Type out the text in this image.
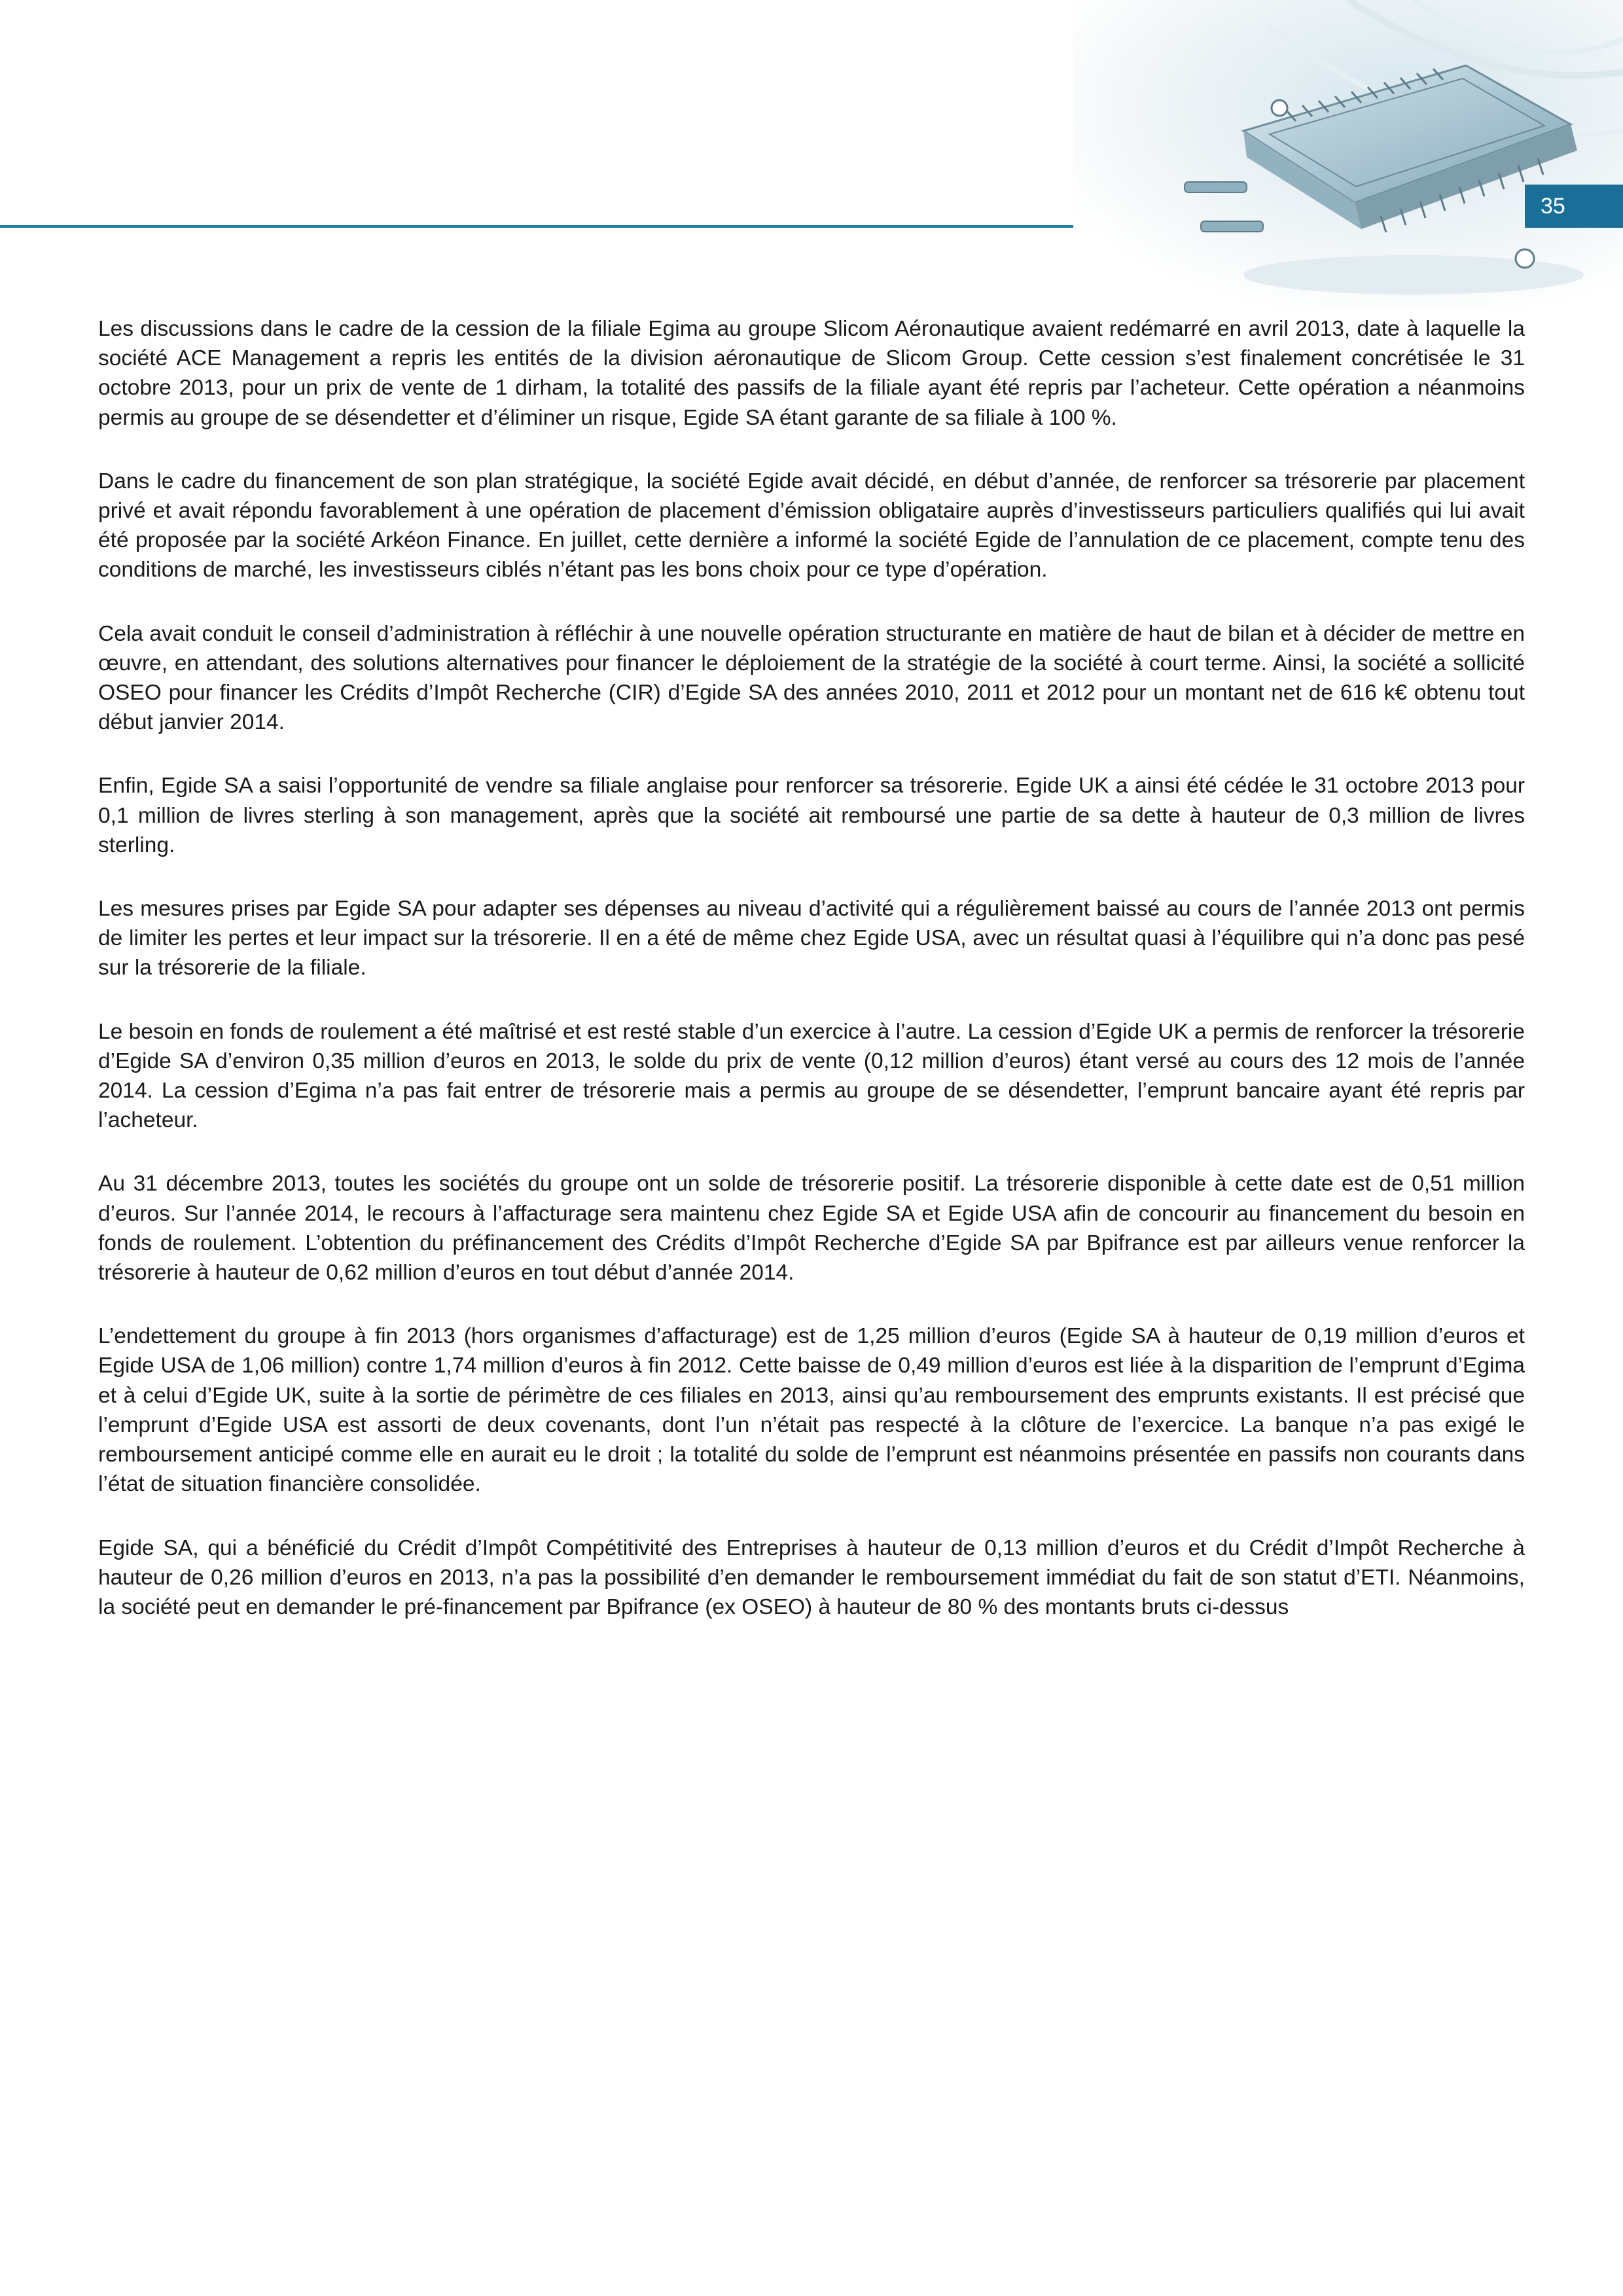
35

Les discussions dans le cadre de la cession de la filiale Egima au groupe Slicom Aéronautique avaient redémarré en avril 2013, date à laquelle la société ACE Management a repris les entités de la division aéronautique de Slicom Group. Cette cession s’est finalement concrétisée le 31 octobre 2013, pour un prix de vente de 1 dirham, la totalité des passifs de la filiale ayant été repris par l’acheteur. Cette opération a néanmoins permis au groupe de se désendetter et d’éliminer un risque, Egide SA étant garante de sa filiale à 100 %.

Dans le cadre du financement de son plan stratégique, la société Egide avait décidé, en début d’année, de renforcer sa trésorerie par placement privé et avait répondu favorablement à une opération de placement d’émission obligataire auprès d’investisseurs particuliers qualifiés qui lui avait été proposée par la société Arkéon Finance. En juillet, cette dernière a informé la société Egide de l’annulation de ce placement, compte tenu des conditions de marché, les investisseurs ciblés n’étant pas les bons choix pour ce type d’opération.

Cela avait conduit le conseil d’administration à réfléchir à une nouvelle opération structurante en matière de haut de bilan et à décider de mettre en œuvre, en attendant, des solutions alternatives pour financer le déploiement de la stratégie de la société à court terme. Ainsi, la société a sollicité OSEO pour financer les Crédits d’Impôt Recherche (CIR) d’Egide SA des années 2010, 2011 et 2012 pour un montant net de 616 k€ obtenu tout début janvier 2014.

Enfin, Egide SA a saisi l’opportunité de vendre sa filiale anglaise pour renforcer sa trésorerie. Egide UK a ainsi été cédée le 31 octobre 2013 pour 0,1 million de livres sterling à son management, après que la société ait remboursé une partie de sa dette à hauteur de 0,3 million de livres sterling.

Les mesures prises par Egide SA pour adapter ses dépenses au niveau d’activité qui a régulièrement baissé au cours de l’année 2013 ont permis de limiter les pertes et leur impact sur la trésorerie. Il en a été de même chez Egide USA, avec un résultat quasi à l’équilibre qui n’a donc pas pesé sur la trésorerie de la filiale.

Le besoin en fonds de roulement a été maîtrisé et est resté stable d’un exercice à l’autre. La cession d’Egide UK a permis de renforcer la trésorerie d’Egide SA d’environ 0,35 million d’euros en 2013, le solde du prix de vente (0,12 million d’euros) étant versé au cours des 12 mois de l’année 2014. La cession d’Egima n’a pas fait entrer de trésorerie mais a permis au groupe de se désendetter, l’emprunt bancaire ayant été repris par l’acheteur.

Au 31 décembre 2013, toutes les sociétés du groupe ont un solde de trésorerie positif. La trésorerie disponible à cette date est de 0,51 million d’euros. Sur l’année 2014, le recours à l’affacturage sera maintenu chez Egide SA et Egide USA afin de concourir au financement du besoin en fonds de roulement. L’obtention du préfinancement des Crédits d’Impôt Recherche d’Egide SA par Bpifrance est par ailleurs venue renforcer la trésorerie à hauteur de 0,62 million d’euros en tout début d’année 2014.

L’endettement du groupe à fin 2013 (hors organismes d’affacturage) est de 1,25 million d’euros (Egide SA à hauteur de 0,19 million d’euros et Egide USA de 1,06 million) contre 1,74 million d’euros à fin 2012. Cette baisse de 0,49 million d’euros est liée à la disparition de l’emprunt d’Egima et à celui d’Egide UK, suite à la sortie de périmètre de ces filiales en 2013, ainsi qu’au remboursement des emprunts existants. Il est précisé que l’emprunt d’Egide USA est assorti de deux covenants, dont l’un n’était pas respecté à la clôture de l’exercice. La banque n’a pas exigé le remboursement anticipé comme elle en aurait eu le droit ; la totalité du solde de l’emprunt est néanmoins présentée en passifs non courants dans l’état de situation financière consolidée.

Egide SA, qui a bénéficié du Crédit d’Impôt Compétitivité des Entreprises à hauteur de 0,13 million d’euros et du Crédit d’Impôt Recherche à hauteur de 0,26 million d’euros en 2013, n’a pas la possibilité d’en demander le remboursement immédiat du fait de son statut d’ETI. Néanmoins, la société peut en demander le pré-financement par Bpifrance (ex OSEO) à hauteur de 80 % des montants bruts ci-dessus
